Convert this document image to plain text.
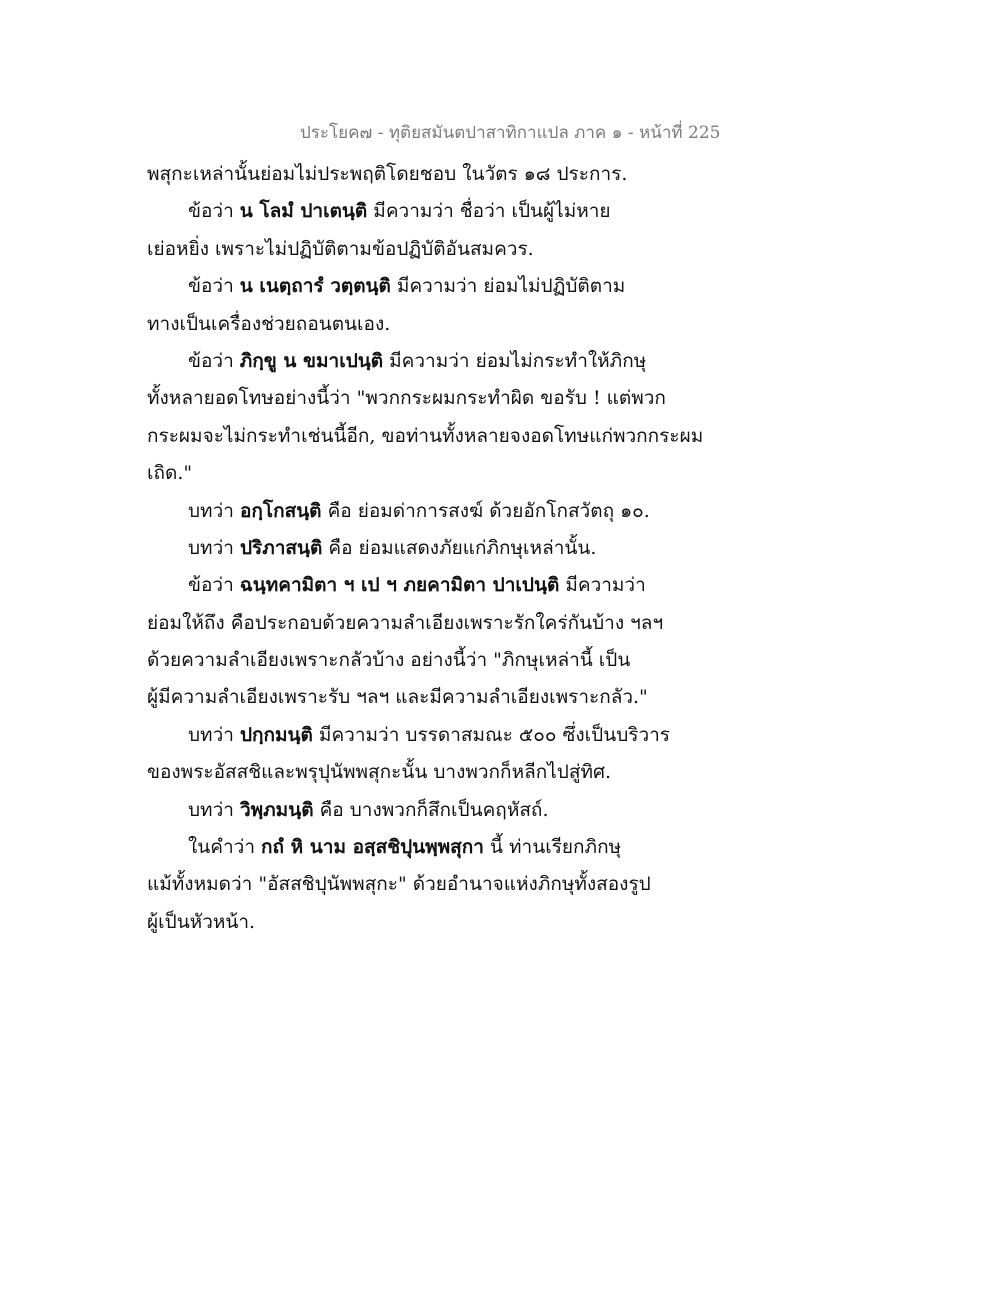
ประโยค๗ - ทุติยสมันตปาสาทิกาแปล ภาค ๑ - หน้าที่ 225
พสุกะเหล่านั้นย่อมไม่ประพฤติโดยชอบ ในวัตร ๑๘ ประการ.
ข้อว่า น โลมํ ปาเตนฺติ มีความว่า ชื่อว่า เป็นผู้ไม่หาย
เย่อหยิ่ง เพราะไม่ปฏิบัติตามข้อปฏิบัติอันสมควร.
ข้อว่า น เนตฺถารํ วตฺตนฺติ มีความว่า ย่อมไม่ปฏิบัติตาม
ทางเป็นเครื่องช่วยถอนตนเอง.
ข้อว่า ภิกฺขู น ขมาเปนฺติ มีความว่า ย่อมไม่กระทำให้ภิกษุ
ทั้งหลายอดโทษอย่างนี้ว่า "พวกกระผมกระทำผิด ขอรับ ! แต่พวก
กระผมจะไม่กระทำเช่นนี้อีก, ขอท่านทั้งหลายจงอดโทษแก่พวกกระผม
เถิด."
บทว่า อกฺโกสนฺติ คือ ย่อมด่าการสงฆ์ ด้วยอักโกสวัตถุ ๑๐.
บทว่า ปริภาสนฺติ คือ ย่อมแสดงภัยแก่ภิกษุเหล่านั้น.
ข้อว่า ฉนฺทคามิตา ฯ เป ฯ ภยคามิตา ปาเปนฺติ มีความว่า
ย่อมให้ถึง คือประกอบด้วยความลำเอียงเพราะรักใคร่กันบ้าง ฯลฯ
ด้วยความลำเอียงเพราะกลัวบ้าง อย่างนี้ว่า "ภิกษุเหล่านี้ เป็น
ผู้มีความลำเอียงเพราะรับ ฯลฯ และมีความลำเอียงเพราะกลัว."
บทว่า ปกฺกมนฺติ มีความว่า บรรดาสมณะ ๕๐๐ ซึ่งเป็นบริวาร
ของพระอัสสชิและพรุปุนัพพสุกะนั้น บางพวกก็หลีกไปสู่ทิศ.
บทว่า วิพฺภมนฺติ คือ บางพวกก็สึกเป็นคฤหัสถ์.
ในคำว่า กถํ หิ นาม อสฺสชิปุนพฺพสุกา นี้ ท่านเรียกภิกษุ
แม้ทั้งหมดว่า "อัสสชิปุนัพพสุกะ" ด้วยอำนาจแห่งภิกษุทั้งสองรูป
ผู้เป็นหัวหน้า.
